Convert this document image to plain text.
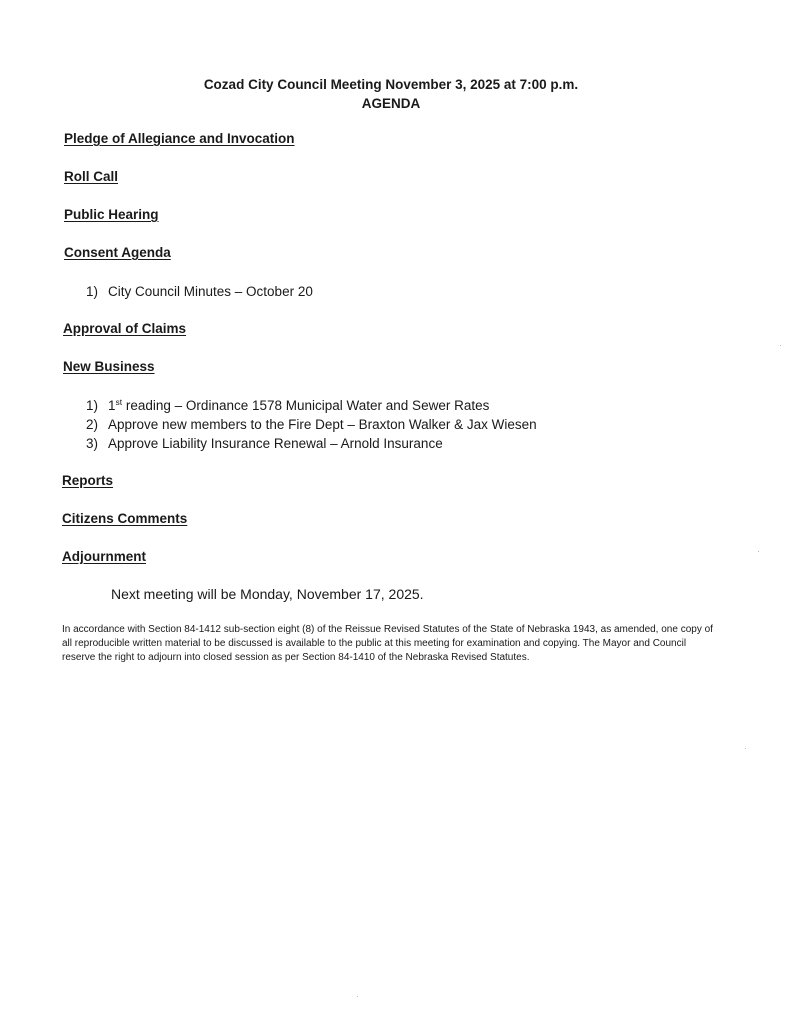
Cozad City Council Meeting November 3, 2025 at 7:00 p.m.
AGENDA
Pledge of Allegiance and Invocation
Roll Call
Public Hearing
Consent Agenda
1) City Council Minutes – October 20
Approval of Claims
New Business
1) 1st reading – Ordinance 1578 Municipal Water and Sewer Rates
2) Approve new members to the Fire Dept – Braxton Walker & Jax Wiesen
3) Approve Liability Insurance Renewal – Arnold Insurance
Reports
Citizens Comments
Adjournment
Next meeting will be Monday, November 17, 2025.
In accordance with Section 84-1412 sub-section eight (8) of the Reissue Revised Statutes of the State of Nebraska 1943, as amended, one copy of all reproducible written material to be discussed is available to the public at this meeting for examination and copying. The Mayor and Council reserve the right to adjourn into closed session as per Section 84-1410 of the Nebraska Revised Statutes.
